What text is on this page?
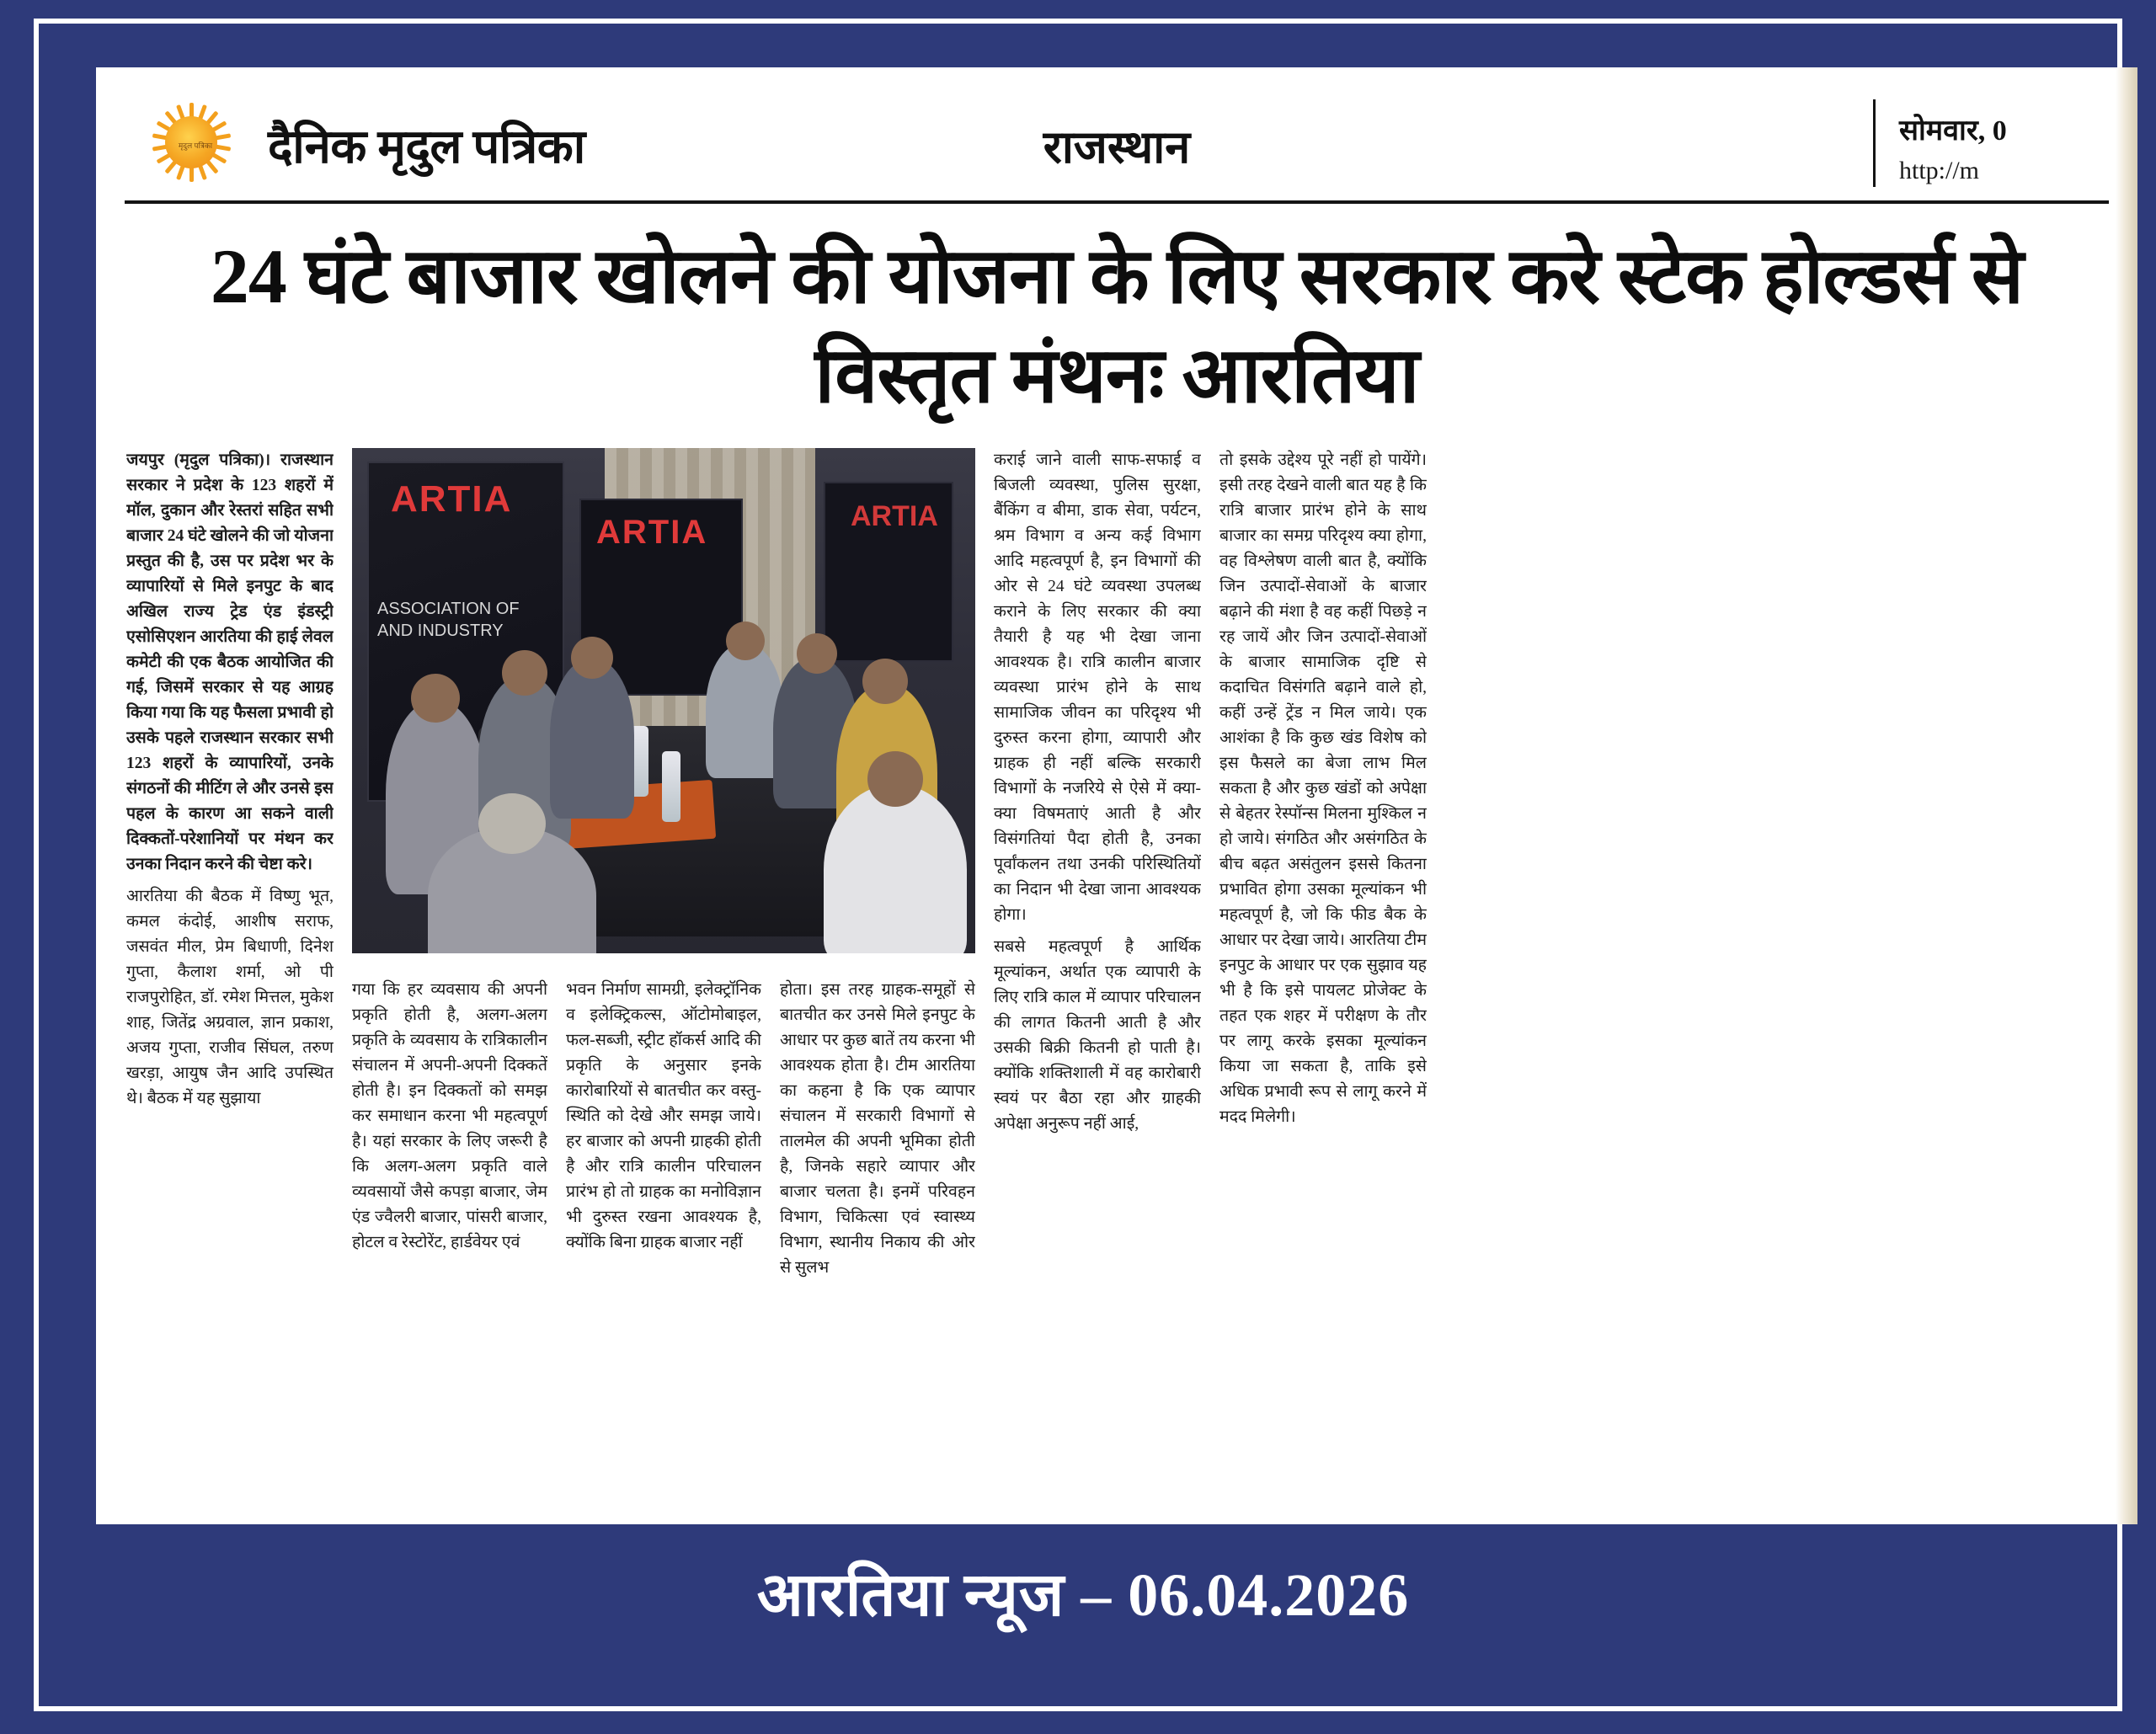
मृदुल पत्रिका	दैनिक मृदुल पत्रिका	राजस्थान	सोमवार, 0
http://m
24 घंटे बाजार खोलने की योजना के लिए सरकार करे स्टेक होल्डर्स से विस्तृत मंथनः आरतिया

जयपुर (मृदुल पत्रिका)। राजस्थान सरकार ने प्रदेश के 123 शहरों में मॉल, दुकान और रेस्तरां सहित सभी बाजार 24 घंटे खोलने की जो योजना प्रस्तुत की है, उस पर प्रदेश भर के व्यापारियों से मिले इनपुट के बाद अखिल राज्य ट्रेड एंड इंडस्ट्री एसोसिएशन आरतिया की हाई लेवल कमेटी की एक बैठक आयोजित की गई, जिसमें सरकार से यह आग्रह किया गया कि यह फैसला प्रभावी हो उसके पहले राजस्थान सरकार सभी 123 शहरों के व्यापारियों, उनके संगठनों की मीटिंग ले और उनसे इस पहल के कारण आ सकने वाली दिक्कतों-परेशानियों पर मंथन कर उनका निदान करने की चेष्टा करे।

आरतिया की बैठक में विष्णु भूत, कमल कंदोई, आशीष सराफ, जसवंत मील, प्रेम बिधाणी, दिनेश गुप्ता, कैलाश शर्मा, ओ पी राजपुरोहित, डॉ. रमेश मित्तल, मुकेश शाह, जितेंद्र अग्रवाल, ज्ञान प्रकाश, अजय गुप्ता, राजीव सिंघल, तरुण खरड़ा, आयुष जैन आदि उपस्थित थे। बैठक में यह सुझाया

ARTIA
ASSOCIATION OF AND INDUSTRY
ARTIA	ARTIA

गया कि हर व्यवसाय की अपनी प्रकृति होती है, अलग-अलग प्रकृति के व्यवसाय के रात्रिकालीन संचालन में अपनी-अपनी दिक्कतें होती है। इन दिक्कतों को समझ कर समाधान करना भी महत्वपूर्ण है। यहां सरकार के लिए जरूरी है कि अलग-अलग प्रकृति वाले व्यवसायों जैसे कपड़ा बाजार, जेम एंड ज्वैलरी बाजार, पांसरी बाजार, होटल व रेस्टोरेंट, हार्डवेयर एवं

भवन निर्माण सामग्री, इलेक्ट्रॉनिक व इलेक्ट्रिकल्स, ऑटोमोबाइल, फल-सब्जी, स्ट्रीट हॉकर्स आदि की प्रकृति के अनुसार इनके कारोबारियों से बातचीत कर वस्तु-स्थिति को देखे और समझ जाये। हर बाजार को अपनी ग्राहकी होती है और रात्रि कालीन परिचालन प्रारंभ हो तो ग्राहक का मनोविज्ञान भी दुरुस्त रखना आवश्यक है, क्योंकि बिना ग्राहक बाजार नहीं

होता। इस तरह ग्राहक-समूहों से बातचीत कर उनसे मिले इनपुट के आधार पर कुछ बातें तय करना भी आवश्यक होता है। टीम आरतिया का कहना है कि एक व्यापार संचालन में सरकारी विभागों से तालमेल की अपनी भूमिका होती है, जिनके सहारे व्यापार और बाजार चलता है। इनमें परिवहन विभाग, चिकित्सा एवं स्वास्थ्य विभाग, स्थानीय निकाय की ओर से सुलभ

कराई जाने वाली साफ-सफाई व बिजली व्यवस्था, पुलिस सुरक्षा, बैंकिंग व बीमा, डाक सेवा, पर्यटन, श्रम विभाग व अन्य कई विभाग आदि महत्वपूर्ण है, इन विभागों की ओर से 24 घंटे व्यवस्था उपलब्ध कराने के लिए सरकार की क्या तैयारी है यह भी देखा जाना आवश्यक है। रात्रि कालीन बाजार व्यवस्था प्रारंभ होने के साथ सामाजिक जीवन का परिदृश्य भी दुरुस्त करना होगा, व्यापारी और ग्राहक ही नहीं बल्कि सरकारी विभागों के नजरिये से ऐसे में क्या-क्या विषमताएं आती है और विसंगतियां पैदा होती है, उनका पूर्वांकलन तथा उनकी परिस्थितियों का निदान भी देखा जाना आवश्यक होगा।

सबसे महत्वपूर्ण है आर्थिक मूल्यांकन, अर्थात एक व्यापारी के लिए रात्रि काल में व्यापार परिचालन की लागत कितनी आती है और उसकी बिक्री कितनी हो पाती है। क्योंकि शक्तिशाली में वह कारोबारी स्वयं पर बैठा रहा और ग्राहकी अपेक्षा अनुरूप नहीं आई,

तो इसके उद्देश्य पूरे नहीं हो पायेंगे। इसी तरह देखने वाली बात यह है कि रात्रि बाजार प्रारंभ होने के साथ बाजार का समग्र परिदृश्य क्या होगा, वह विश्लेषण वाली बात है, क्योंकि जिन उत्पादों-सेवाओं के बाजार बढ़ाने की मंशा है वह कहीं पिछड़े न रह जायें और जिन उत्पादों-सेवाओं के बाजार सामाजिक दृष्टि से कदाचित विसंगति बढ़ाने वाले हो, कहीं उन्हें ट्रेंड न मिल जाये। एक आशंका है कि कुछ खंड विशेष को इस फैसले का बेजा लाभ मिल सकता है और कुछ खंडों को अपेक्षा से बेहतर रेस्पॉन्स मिलना मुश्किल न हो जाये। संगठित और असंगठित के बीच बढ़त असंतुलन इससे कितना प्रभावित होगा उसका मूल्यांकन भी महत्वपूर्ण है, जो कि फीड बैक के आधार पर देखा जाये। आरतिया टीम इनपुट के आधार पर एक सुझाव यह भी है कि इसे पायलट प्रोजेक्ट के तहत एक शहर में परीक्षण के तौर पर लागू करके इसका मूल्यांकन किया जा सकता है, ताकि इसे अधिक प्रभावी रूप से लागू करने में मदद मिलेगी।

आरतिया न्यूज – 06.04.2026
